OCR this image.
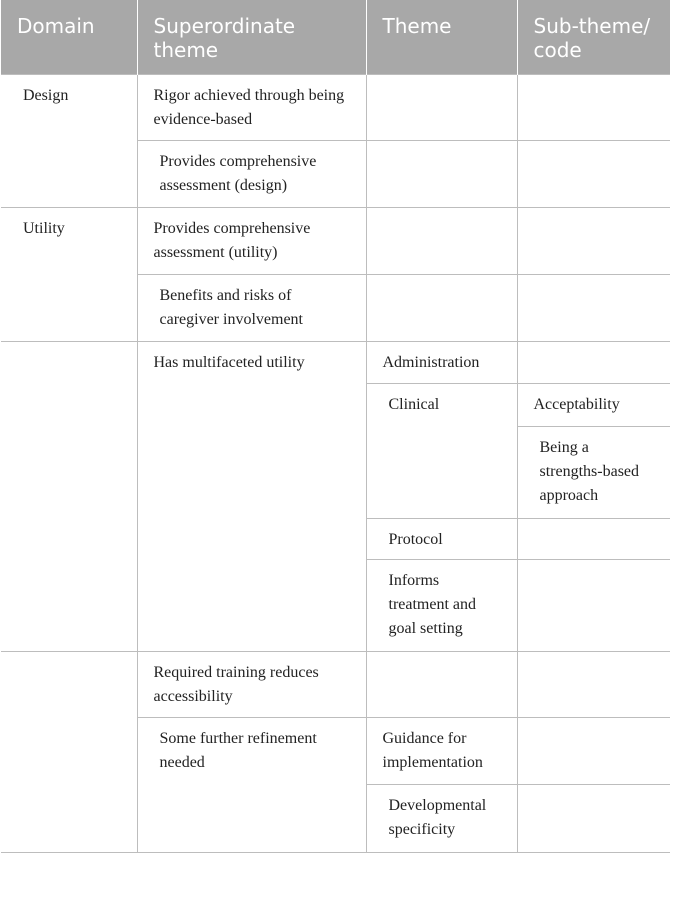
Domain	Superordinate theme	Theme	Sub-theme/ code
Design	Rigor achieved through being evidence-based		
	Provides comprehensive assessment (design)		
Utility	Provides comprehensive assessment (utility)		
	Benefits and risks of caregiver involvement		
	Has multifaceted utility	Administration	
		Clinical	Acceptability
			Being a strengths-based approach
		Protocol	
		Informs treatment and goal setting	
	Required training reduces accessibility		
	Some further refinement needed	Guidance for implementation	
		Developmental specificity	
